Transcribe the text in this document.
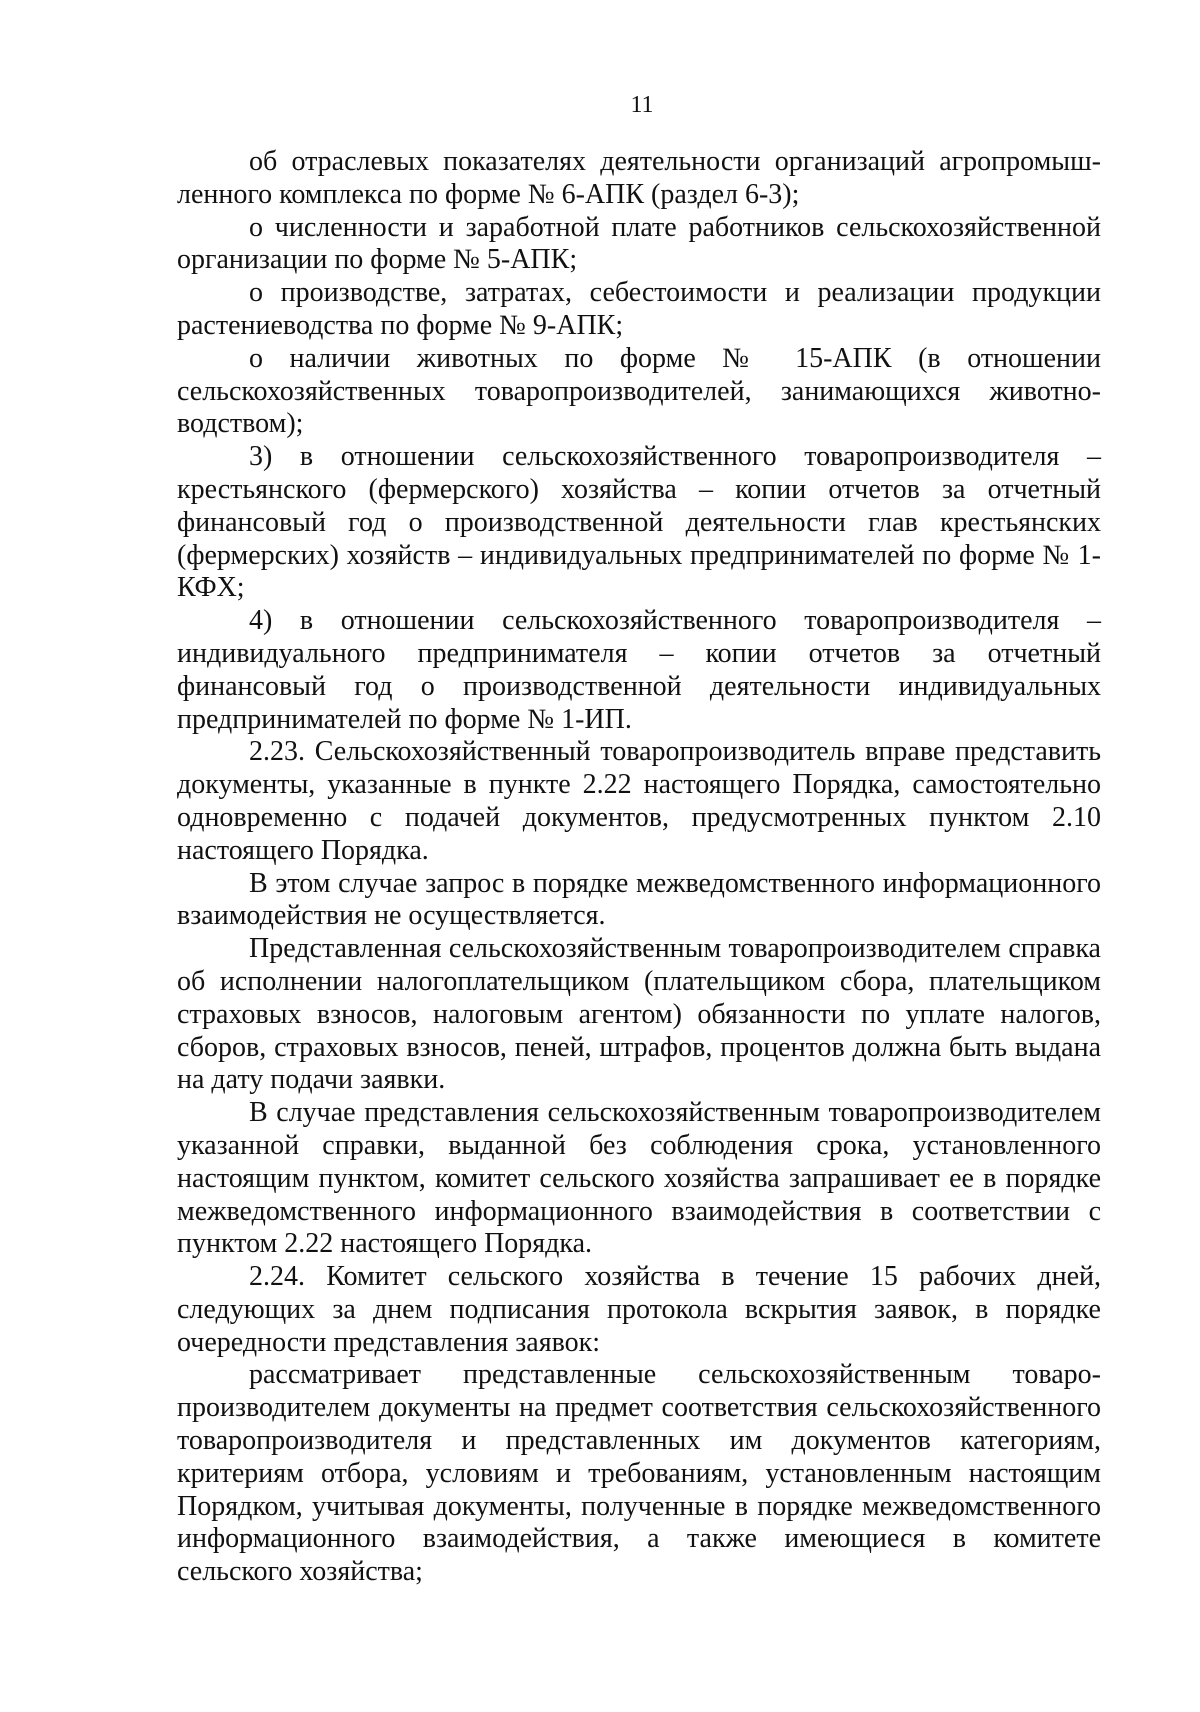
11

об отраслевых показателях деятельности организаций агропромышленного комплекса по форме № 6-АПК (раздел 6-3);

о численности и заработной плате работников сельскохозяйственной организации по форме № 5-АПК;

о производстве, затратах, себестоимости и реализации продукции растениеводства по форме № 9-АПК;

о наличии животных по форме № 15-АПК (в отношении сельскохозяйственных товаропроизводителей, занимающихся животноводством);

3) в отношении сельскохозяйственного товаропроизводителя – крестьянского (фермерского) хозяйства – копии отчетов за отчетный финансовый год о производственной деятельности глав крестьянских (фермерских) хозяйств – индивидуальных предпринимателей по форме № 1-КФХ;

4) в отношении сельскохозяйственного товаропроизводителя – индивидуального предпринимателя – копии отчетов за отчетный финансовый год о производственной деятельности индивидуальных предпринимателей по форме № 1-ИП.

2.23. Сельскохозяйственный товаропроизводитель вправе представить документы, указанные в пункте 2.22 настоящего Порядка, самостоятельно одновременно с подачей документов, предусмотренных пунктом 2.10 настоящего Порядка.

В этом случае запрос в порядке межведомственного информационного взаимодействия не осуществляется.

Представленная сельскохозяйственным товаропроизводителем справка об исполнении налогоплательщиком (плательщиком сбора, плательщиком страховых взносов, налоговым агентом) обязанности по уплате налогов, сборов, страховых взносов, пеней, штрафов, процентов должна быть выдана на дату подачи заявки.

В случае представления сельскохозяйственным товаропроизводителем указанной справки, выданной без соблюдения срока, установленного настоящим пунктом, комитет сельского хозяйства запрашивает ее в порядке межведомственного информационного взаимодействия в соответствии с пунктом 2.22 настоящего Порядка.

2.24. Комитет сельского хозяйства в течение 15 рабочих дней, следующих за днем подписания протокола вскрытия заявок, в порядке очередности представления заявок:

рассматривает представленные сельскохозяйственным товаропроизводителем документы на предмет соответствия сельскохозяйственного товаропроизводителя и представленных им документов категориям, критериям отбора, условиям и требованиям, установленным настоящим Порядком, учитывая документы, полученные в порядке межведомственного информационного взаимодействия, а также имеющиеся в комитете сельского хозяйства;
